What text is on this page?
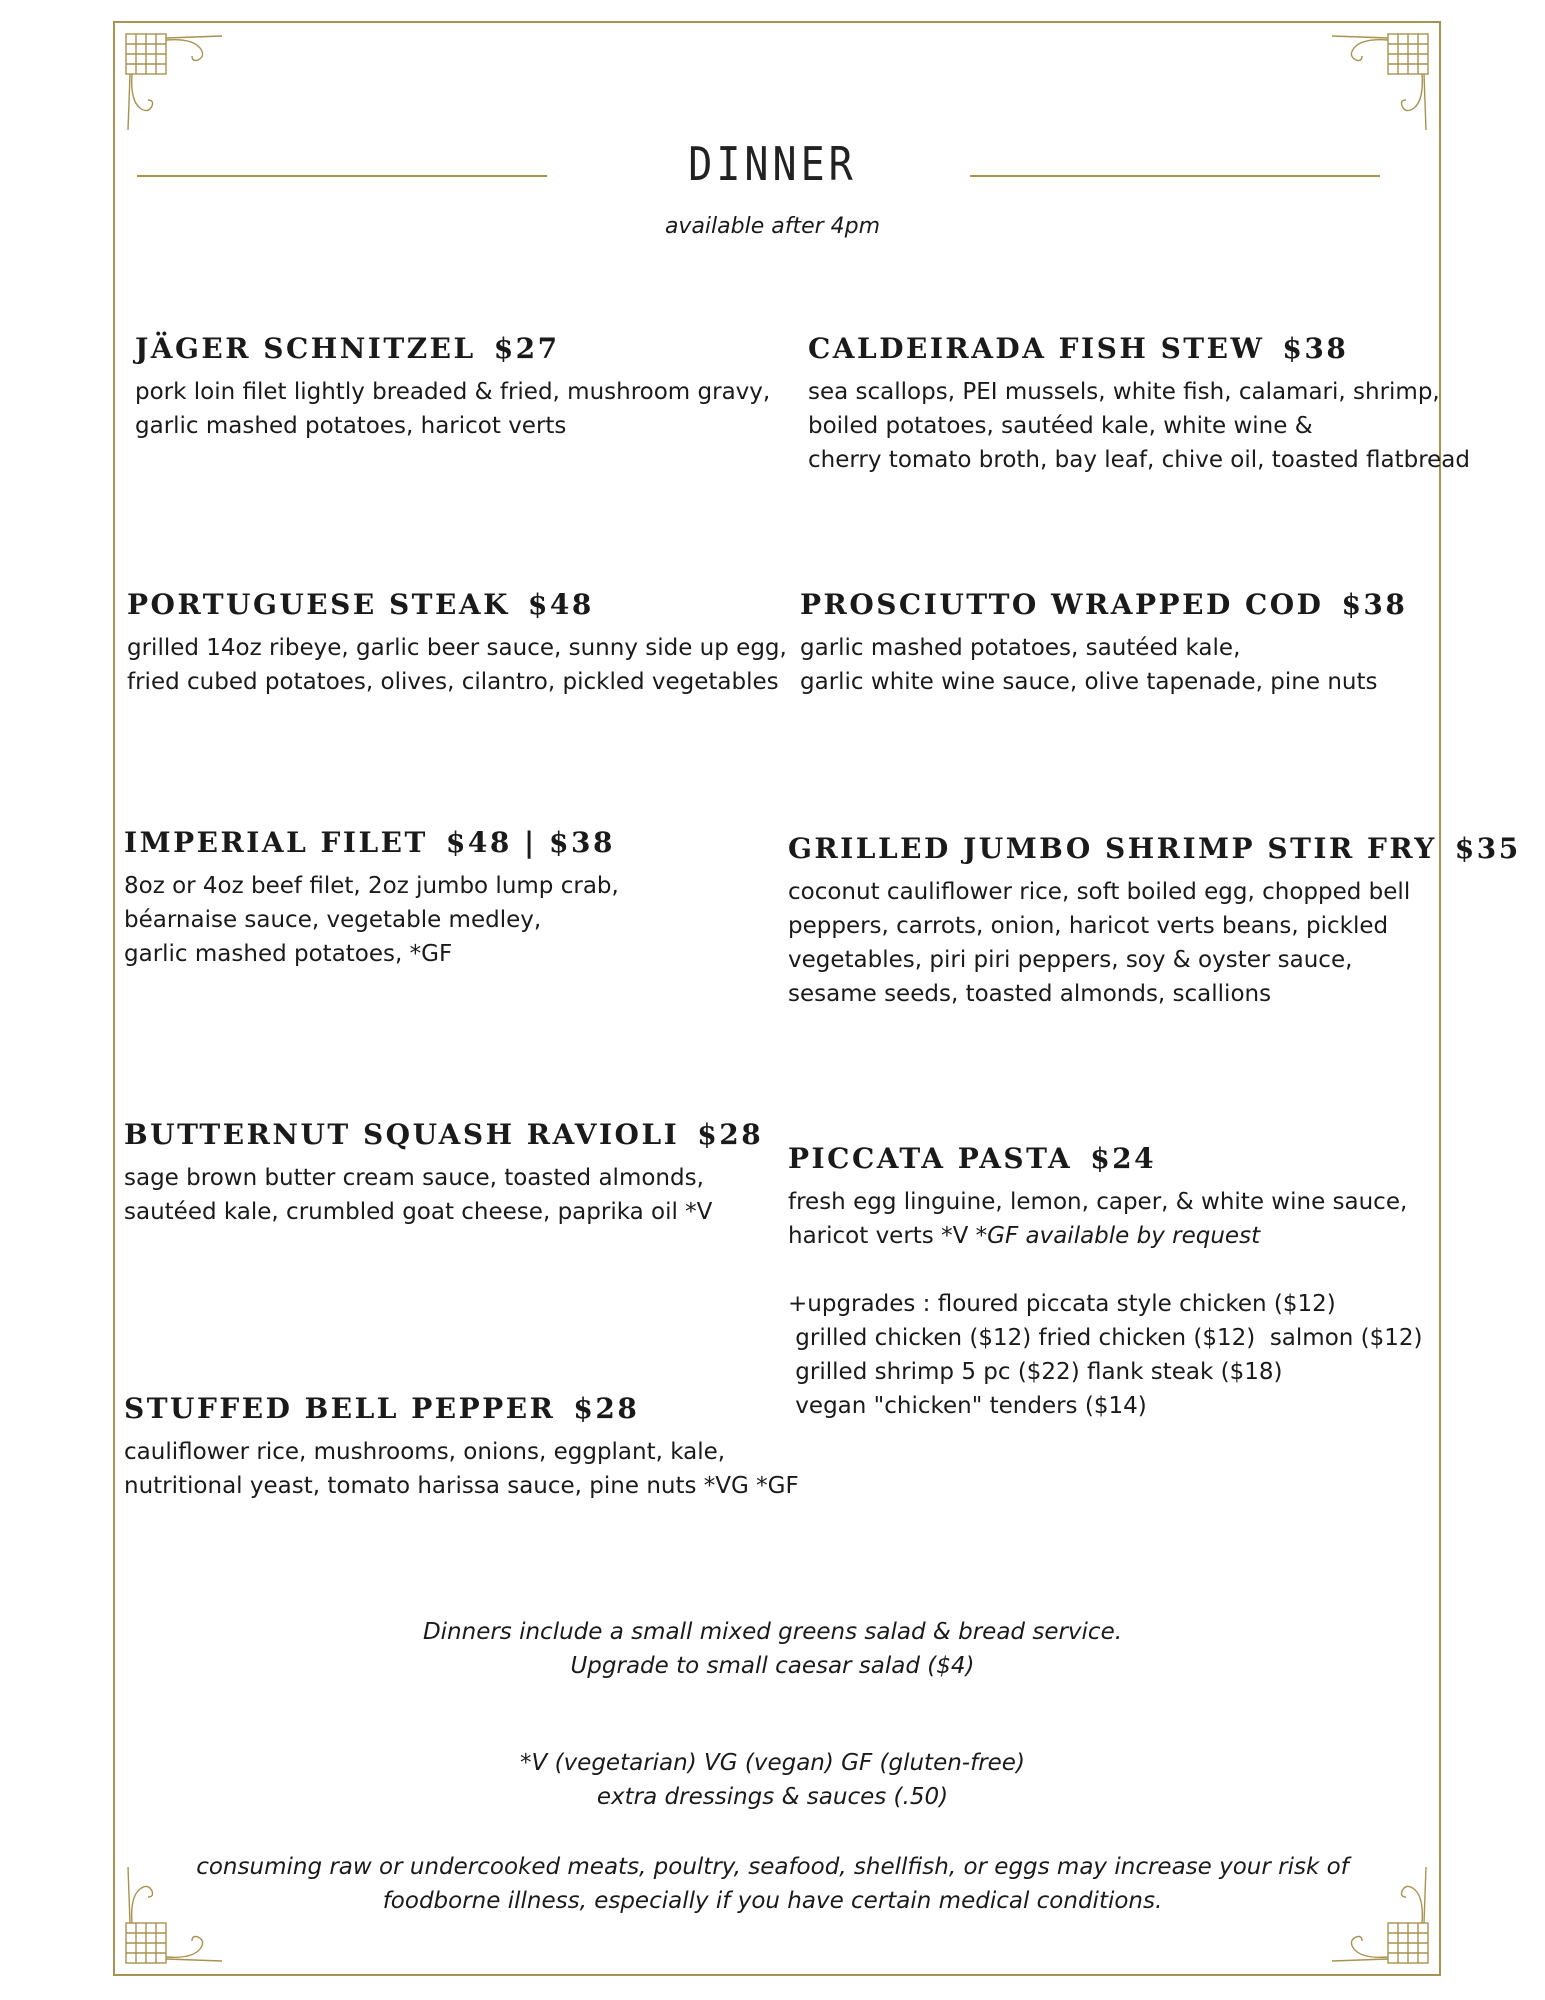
DINNER
available after 4pm
JÄGER SCHNITZEL $27

pork loin filet lightly breaded & fried, mushroom gravy,
garlic mashed potatoes, haricot verts

CALDEIRADA FISH STEW $38

sea scallops, PEI mussels, white fish, calamari, shrimp,
boiled potatoes, sautéed kale, white wine &
cherry tomato broth, bay leaf, chive oil, toasted flatbread

PORTUGUESE STEAK $48

grilled 14oz ribeye, garlic beer sauce, sunny side up egg,
fried cubed potatoes, olives, cilantro, pickled vegetables

PROSCIUTTO WRAPPED COD $38

garlic mashed potatoes, sautéed kale,
garlic white wine sauce, olive tapenade, pine nuts

IMPERIAL FILET $48 | $38

8oz or 4oz beef filet, 2oz jumbo lump crab,
béarnaise sauce, vegetable medley,
garlic mashed potatoes, *GF

GRILLED JUMBO SHRIMP STIR FRY $35

coconut cauliflower rice, soft boiled egg, chopped bell
peppers, carrots, onion, haricot verts beans, pickled
vegetables, piri piri peppers, soy & oyster sauce,
sesame seeds, toasted almonds, scallions

BUTTERNUT SQUASH RAVIOLI $28

sage brown butter cream sauce, toasted almonds,
sautéed kale, crumbled goat cheese, paprika oil *V

PICCATA PASTA $24

fresh egg linguine, lemon, caper, & white wine sauce,
haricot verts *V *GF available by request

+upgrades : floured piccata style chicken ($12)
grilled chicken ($12) fried chicken ($12)  salmon ($12)
grilled shrimp 5 pc ($22) flank steak ($18)
vegan "chicken" tenders ($14)
STUFFED BELL PEPPER $28

cauliflower rice, mushrooms, onions, eggplant, kale,
nutritional yeast, tomato harissa sauce, pine nuts *VG *GF

Dinners include a small mixed greens salad & bread service.
Upgrade to small caesar salad ($4)
*V (vegetarian) VG (vegan) GF (gluten-free)
extra dressings & sauces (.50)
consuming raw or undercooked meats, poultry, seafood, shellfish, or eggs may increase your risk of
foodborne illness, especially if you have certain medical conditions.
